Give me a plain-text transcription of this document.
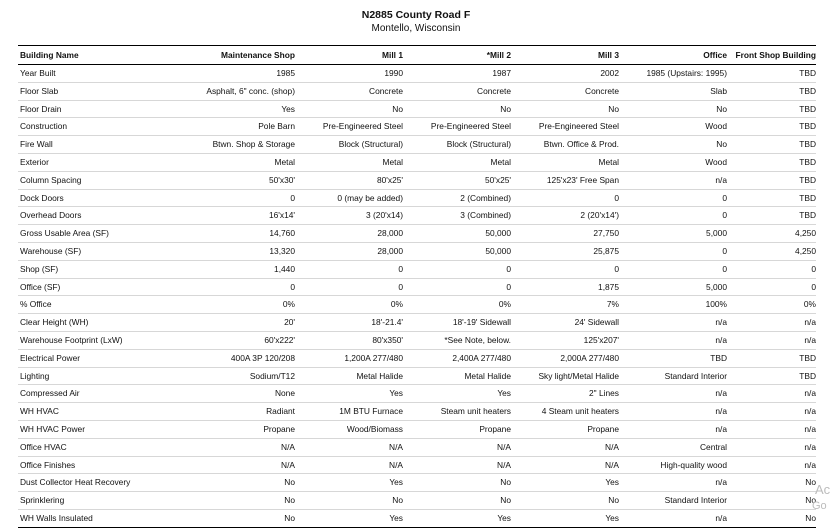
N2885 County Road F
Montello, Wisconsin
Building Name	Maintenance Shop	Mill 1	*Mill 2	Mill 3	Office	Front Shop Building
Year Built	1985	1990	1987	2002	1985 (Upstairs: 1995)	TBD
Floor Slab	Asphalt, 6" conc. (shop)	Concrete	Concrete	Concrete	Slab	TBD
Floor Drain	Yes	No	No	No	No	TBD
Construction	Pole Barn	Pre-Engineered Steel	Pre-Engineered Steel	Pre-Engineered Steel	Wood	TBD
Fire Wall	Btwn. Shop & Storage	Block (Structural)	Block (Structural)	Btwn. Office & Prod.	No	TBD
Exterior	Metal	Metal	Metal	Metal	Wood	TBD
Column Spacing	50'x30'	80'x25'	50'x25'	125'x23' Free Span	n/a	TBD
Dock Doors	0	0 (may be added)	2 (Combined)	0	0	TBD
Overhead Doors	16'x14'	3 (20'x14)	3 (Combined)	2 (20'x14')	0	TBD
Gross Usable Area (SF)	14,760	28,000	50,000	27,750	5,000	4,250
Warehouse (SF)	13,320	28,000	50,000	25,875	0	4,250
Shop (SF)	1,440	0	0	0	0	0
Office (SF)	0	0	0	1,875	5,000	0
% Office	0%	0%	0%	7%	100%	0%
Clear Height (WH)	20'	18'-21.4'	18'-19' Sidewall	24' Sidewall	n/a	n/a
Warehouse Footprint (LxW)	60'x222'	80'x350'	*See Note, below.	125'x207'	n/a	n/a
Electrical Power	400A 3P 120/208	1,200A 277/480	2,400A 277/480	2,000A 277/480	TBD	TBD
Lighting	Sodium/T12	Metal Halide	Metal Halide	Sky light/Metal Halide	Standard Interior	TBD
Compressed Air	None	Yes	Yes	2" Lines	n/a	n/a
WH HVAC	Radiant	1M BTU Furnace	Steam unit heaters	4 Steam unit heaters	n/a	n/a
WH HVAC Power	Propane	Wood/Biomass	Propane	Propane	n/a	n/a
Office HVAC	N/A	N/A	N/A	N/A	Central	n/a
Office Finishes	N/A	N/A	N/A	N/A	High-quality wood	n/a
Dust Collector Heat Recovery	No	Yes	No	Yes	n/a	No
Sprinklering	No	No	No	No	Standard Interior	No
WH Walls Insulated	No	Yes	Yes	Yes	n/a	No
Ac
Go
